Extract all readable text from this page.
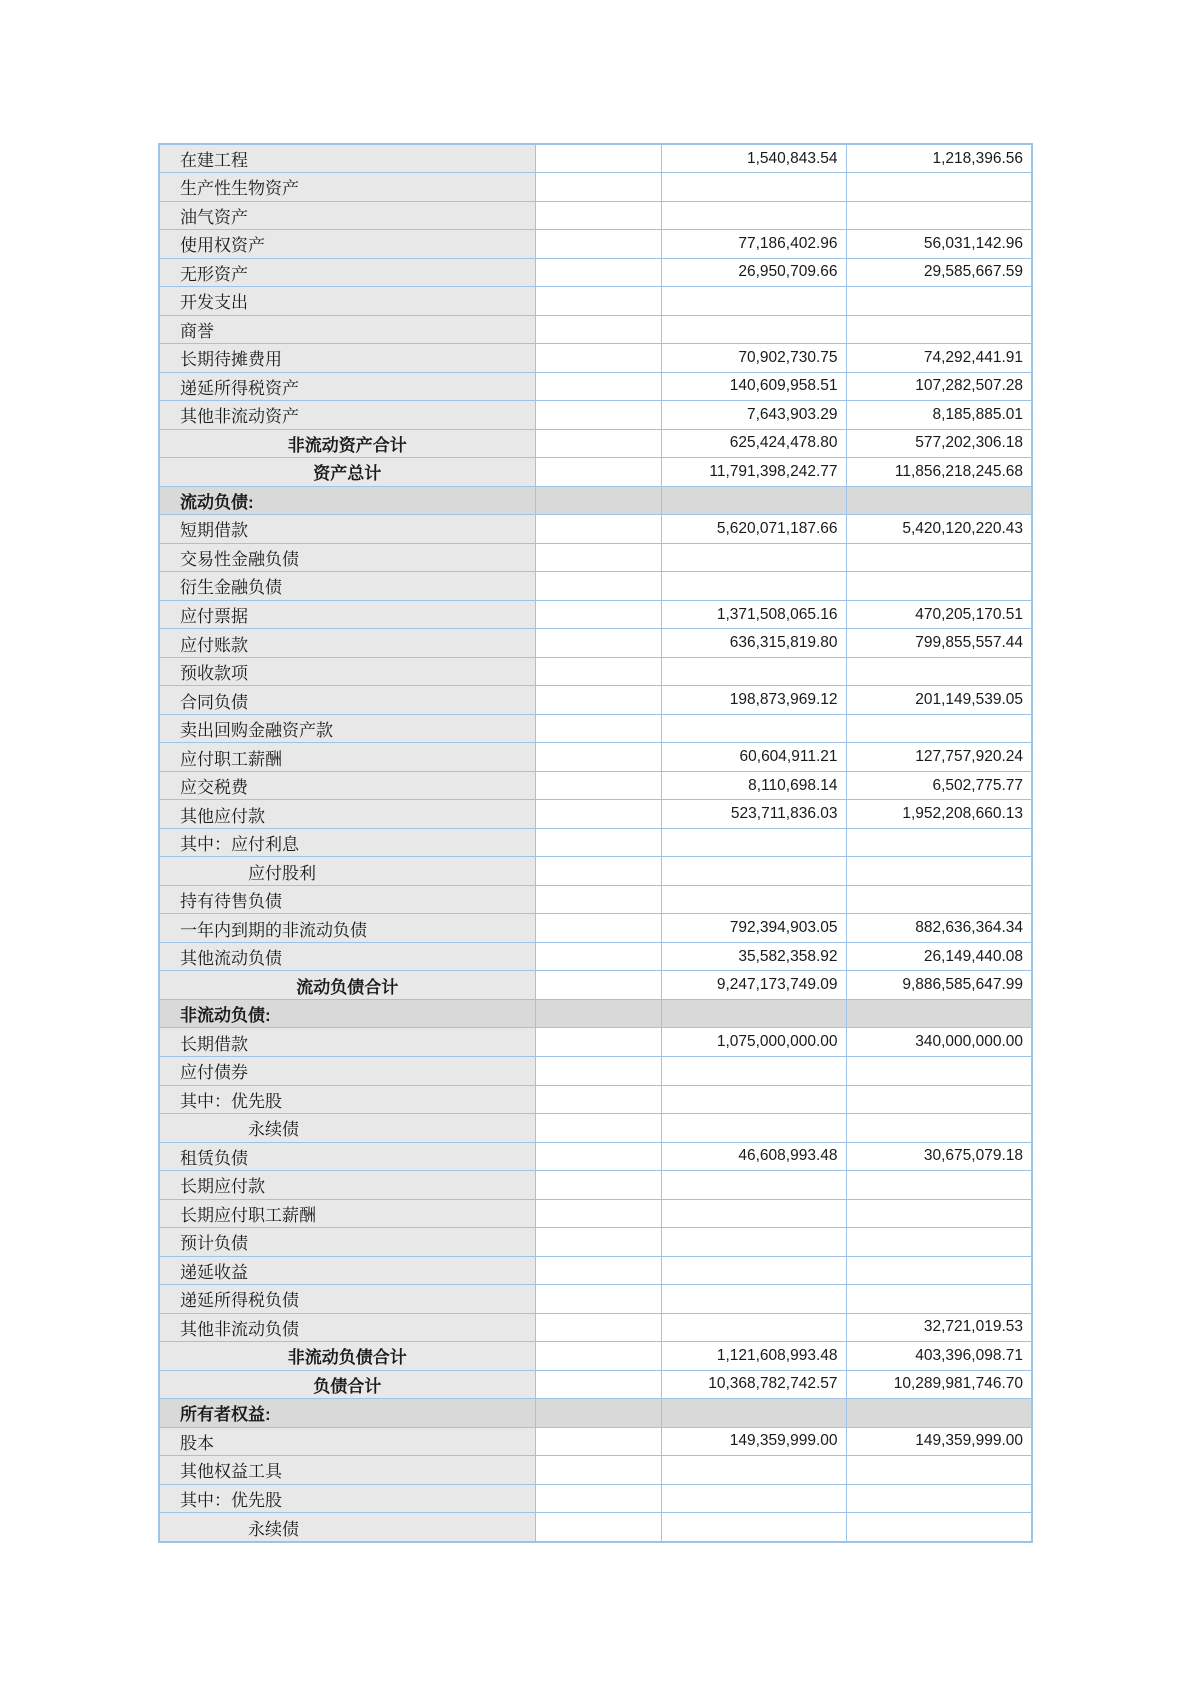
在建工程		1,540,843.54	1,218,396.56
生产性生物资产			
油气资产			
使用权资产		77,186,402.96	56,031,142.96
无形资产		26,950,709.66	29,585,667.59
开发支出			
商誉			
长期待摊费用		70,902,730.75	74,292,441.91
递延所得税资产		140,609,958.51	107,282,507.28
其他非流动资产		7,643,903.29	8,185,885.01
非流动资产合计		625,424,478.80	577,202,306.18
资产总计		11,791,398,242.77	11,856,218,245.68
流动负债:			
短期借款		5,620,071,187.66	5,420,120,220.43
交易性金融负债			
衍生金融负债			
应付票据		1,371,508,065.16	470,205,170.51
应付账款		636,315,819.80	799,855,557.44
预收款项			
合同负债		198,873,969.12	201,149,539.05
卖出回购金融资产款			
应付职工薪酬		60,604,911.21	127,757,920.24
应交税费		8,110,698.14	6,502,775.77
其他应付款		523,711,836.03	1,952,208,660.13
其中：应付利息			
应付股利			
持有待售负债			
一年内到期的非流动负债		792,394,903.05	882,636,364.34
其他流动负债		35,582,358.92	26,149,440.08
流动负债合计		9,247,173,749.09	9,886,585,647.99
非流动负债:			
长期借款		1,075,000,000.00	340,000,000.00
应付债券			
其中：优先股			
永续债			
租赁负债		46,608,993.48	30,675,079.18
长期应付款			
长期应付职工薪酬			
预计负债			
递延收益			
递延所得税负债			
其他非流动负债			32,721,019.53
非流动负债合计		1,121,608,993.48	403,396,098.71
负债合计		10,368,782,742.57	10,289,981,746.70
所有者权益:			
股本		149,359,999.00	149,359,999.00
其他权益工具			
其中：优先股			
永续债			
